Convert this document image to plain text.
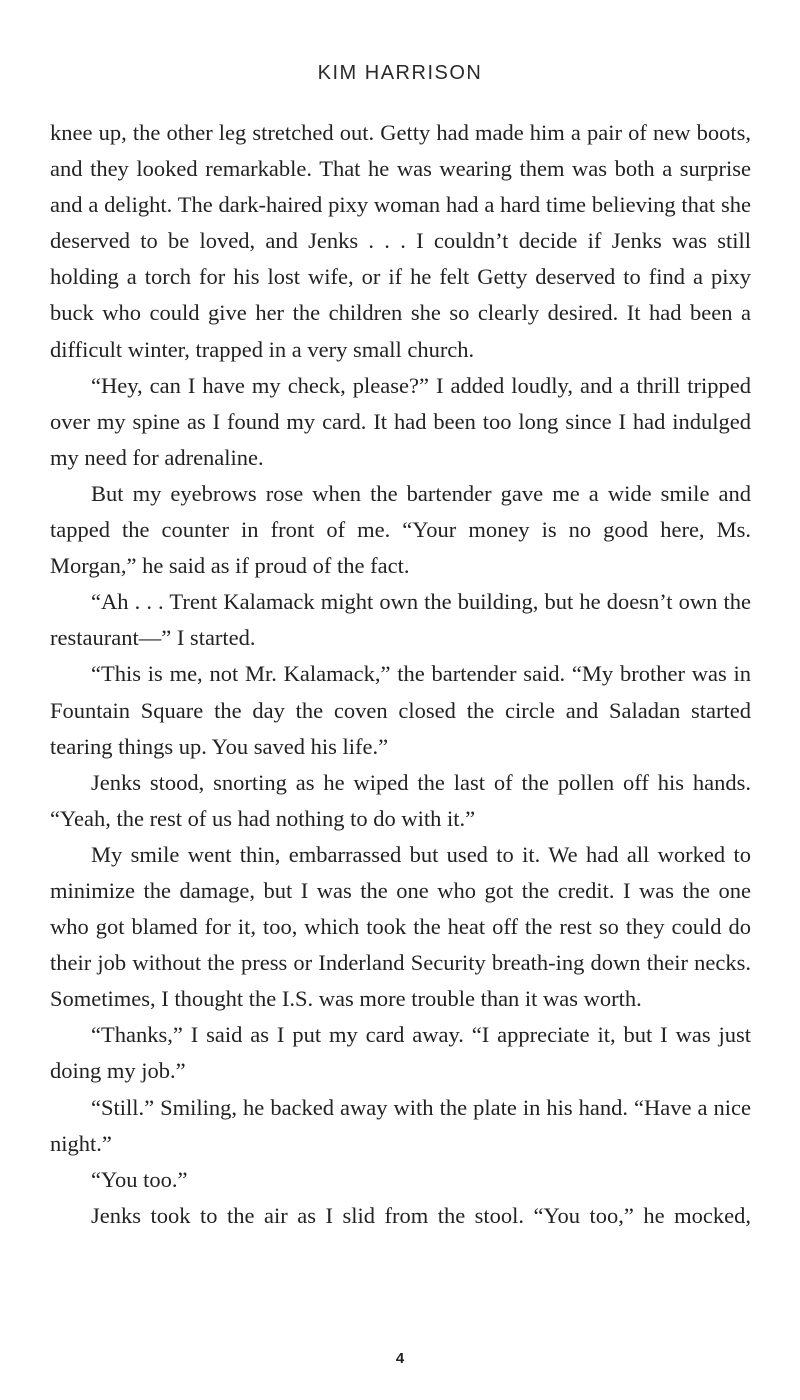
KIM HARRISON

knee up, the other leg stretched out. Getty had made him a pair of new boots, and they looked remarkable. That he was wearing them was both a surprise and a delight. The dark-haired pixy woman had a hard time believing that she deserved to be loved, and Jenks . . . I couldn’t decide if Jenks was still holding a torch for his lost wife, or if he felt Getty deserved to find a pixy buck who could give her the children she so clearly desired. It had been a difficult winter, trapped in a very small church.

“Hey, can I have my check, please?” I added loudly, and a thrill tripped over my spine as I found my card. It had been too long since I had indulged my need for adrenaline.

But my eyebrows rose when the bartender gave me a wide smile and tapped the counter in front of me. “Your money is no good here, Ms. Morgan,” he said as if proud of the fact.

“Ah . . . Trent Kalamack might own the building, but he doesn’t own the restaurant—” I started.

“This is me, not Mr. Kalamack,” the bartender said. “My brother was in Fountain Square the day the coven closed the circle and Saladan started tearing things up. You saved his life.”

Jenks stood, snorting as he wiped the last of the pollen off his hands. “Yeah, the rest of us had nothing to do with it.”

My smile went thin, embarrassed but used to it. We had all worked to minimize the damage, but I was the one who got the credit. I was the one who got blamed for it, too, which took the heat off the rest so they could do their job without the press or Inderland Security breath-ing down their necks. Sometimes, I thought the I.S. was more trouble than it was worth.

“Thanks,” I said as I put my card away. “I appreciate it, but I was just doing my job.”

“Still.” Smiling, he backed away with the plate in his hand. “Have a nice night.”

“You too.”

Jenks took to the air as I slid from the stool. “You too,” he mocked,

4
